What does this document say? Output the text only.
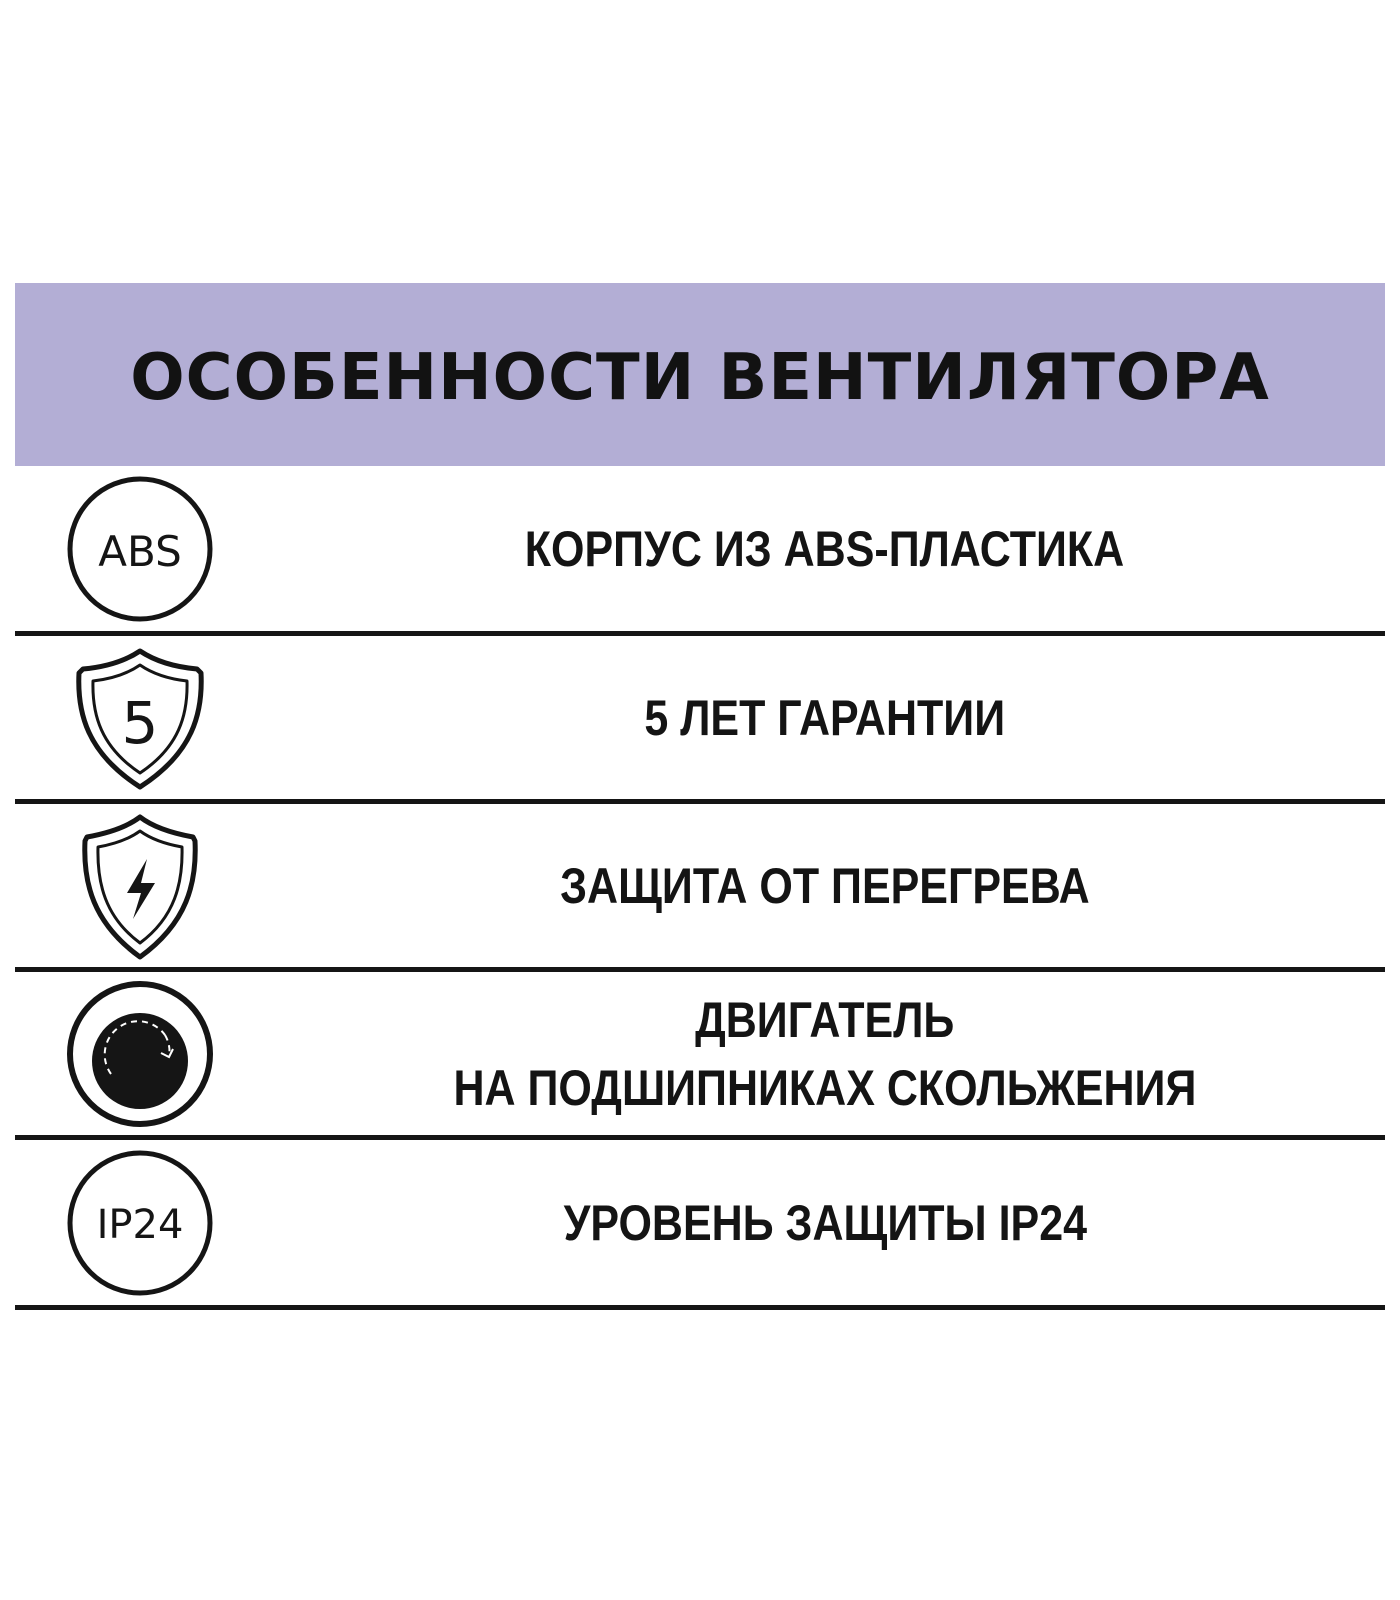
ОСОБЕННОСТИ ВЕНТИЛЯТОРА
ABS	КОРПУС ИЗ ABS-ПЛАСТИКА
5	5 ЛЕТ ГАРАНТИИ
ЗАЩИТА ОТ ПЕРЕГРЕВА
ДВИГАТЕЛЬ
НА ПОДШИПНИКАХ СКОЛЬЖЕНИЯ
IP24	УРОВЕНЬ ЗАЩИТЫ IP24
